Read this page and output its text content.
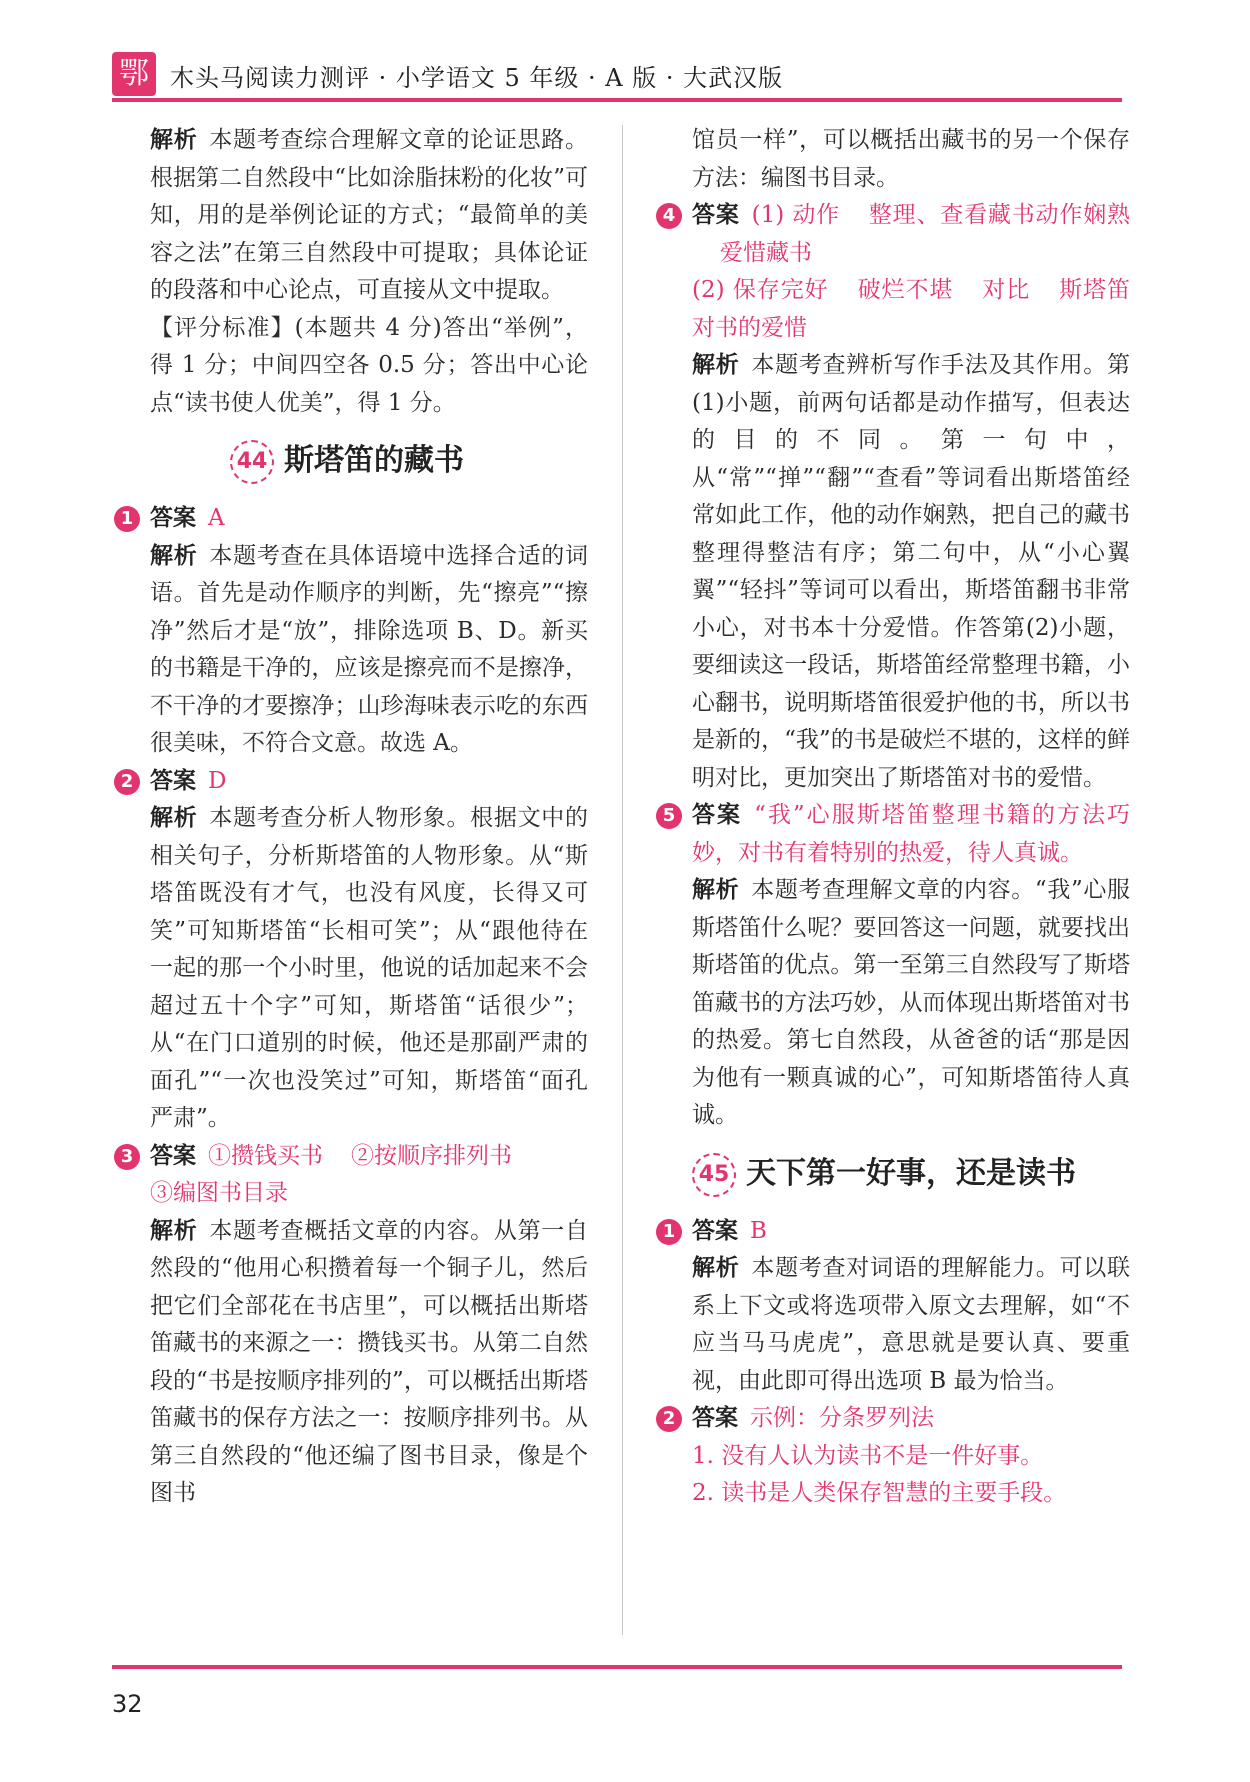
鄂 木头马阅读力测评 · 小学语文 5 年级 · A 版 · 大武汉版

解析 本题考查综合理解文章的论证思路。根据第二自然段中“比如涂脂抹粉的化妆”可知，用的是举例论证的方式；“最简单的美容之法”在第三自然段中可提取；具体论证的段落和中心论点，可直接从文中提取。

【评分标准】(本题共 4 分)答出“举例”，得 1 分；中间四空各 0.5 分；答出中心论点“读书使人优美”，得 1 分。

44 斯塔笛的藏书
1 答案 A

解析 本题考查在具体语境中选择合适的词语。首先是动作顺序的判断，先“擦亮”“擦净”然后才是“放”，排除选项 B、D。新买的书籍是干净的，应该是擦亮而不是擦净，不干净的才要擦净；山珍海味表示吃的东西很美味，不符合文意。故选 A。

2 答案 D

解析 本题考查分析人物形象。根据文中的相关句子，分析斯塔笛的人物形象。从“斯塔笛既没有才气，也没有风度，长得又可笑”可知斯塔笛“长相可笑”；从“跟他待在一起的那一个小时里，他说的话加起来不会超过五十个字”可知，斯塔笛“话很少”；从“在门口道别的时候，他还是那副严肃的面孔”“一次也没笑过”可知，斯塔笛“面孔严肃”。

3 答案 ①攒钱买书 ②按顺序排列书
③编图书目录

解析 本题考查概括文章的内容。从第一自然段的“他用心积攒着每一个铜子儿，然后把它们全部花在书店里”，可以概括出斯塔笛藏书的来源之一：攒钱买书。从第二自然段的“书是按顺序排列的”，可以概括出斯塔笛藏书的保存方法之一：按顺序排列书。从第三自然段的“他还编了图书目录，像是个图书

馆员一样”，可以概括出藏书的另一个保存方法：编图书目录。

4 答案 (1) 动作 整理、查看藏书动作娴熟爱惜藏书
(2) 保存完好 破烂不堪 对比 斯塔笛对书的爱惜

解析 本题考查辨析写作手法及其作用。第(1)小题，前两句话都是动作描写，但表达的目的不同。第一句中，从“常”“掸”“翻”“查看”等词看出斯塔笛经常如此工作，他的动作娴熟，把自己的藏书整理得整洁有序；第二句中，从“小心翼翼”“轻抖”等词可以看出，斯塔笛翻书非常小心，对书本十分爱惜。作答第(2)小题，要细读这一段话，斯塔笛经常整理书籍，小心翻书，说明斯塔笛很爱护他的书，所以书是新的，“我”的书是破烂不堪的，这样的鲜明对比，更加突出了斯塔笛对书的爱惜。

5 答案 “我”心服斯塔笛整理书籍的方法巧妙，对书有着特别的热爱，待人真诚。

解析 本题考查理解文章的内容。“我”心服斯塔笛什么呢？要回答这一问题，就要找出斯塔笛的优点。第一至第三自然段写了斯塔笛藏书的方法巧妙，从而体现出斯塔笛对书的热爱。第七自然段，从爸爸的话“那是因为他有一颗真诚的心”，可知斯塔笛待人真诚。

45 天下第一好事，还是读书
1 答案 B

解析 本题考查对词语的理解能力。可以联系上下文或将选项带入原文去理解，如“不应当马马虎虎”，意思就是要认真、要重视，由此即可得出选项 B 最为恰当。

2 答案 示例：分条罗列法
1. 没有人认为读书不是一件好事。
2. 读书是人类保存智慧的主要手段。
32
